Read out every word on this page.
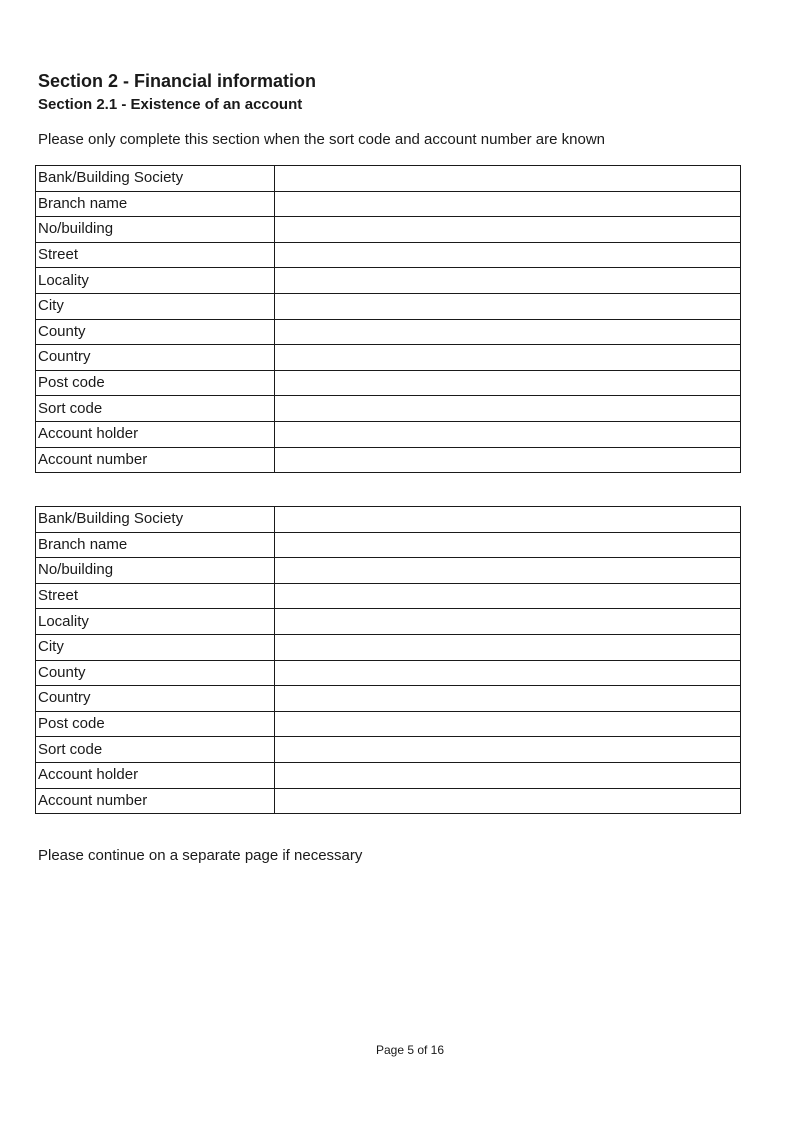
Section 2 - Financial information
Section 2.1 - Existence of an account

Please only complete this section when the sort code and account number are known

Bank/Building Society	
Branch name	
No/building	
Street	
Locality	
City	
County	
Country	
Post code	
Sort code	
Account holder	
Account number	
Bank/Building Society	
Branch name	
No/building	
Street	
Locality	
City	
County	
Country	
Post code	
Sort code	
Account holder	
Account number	

Please continue on a separate page if necessary

Page 5 of 16
